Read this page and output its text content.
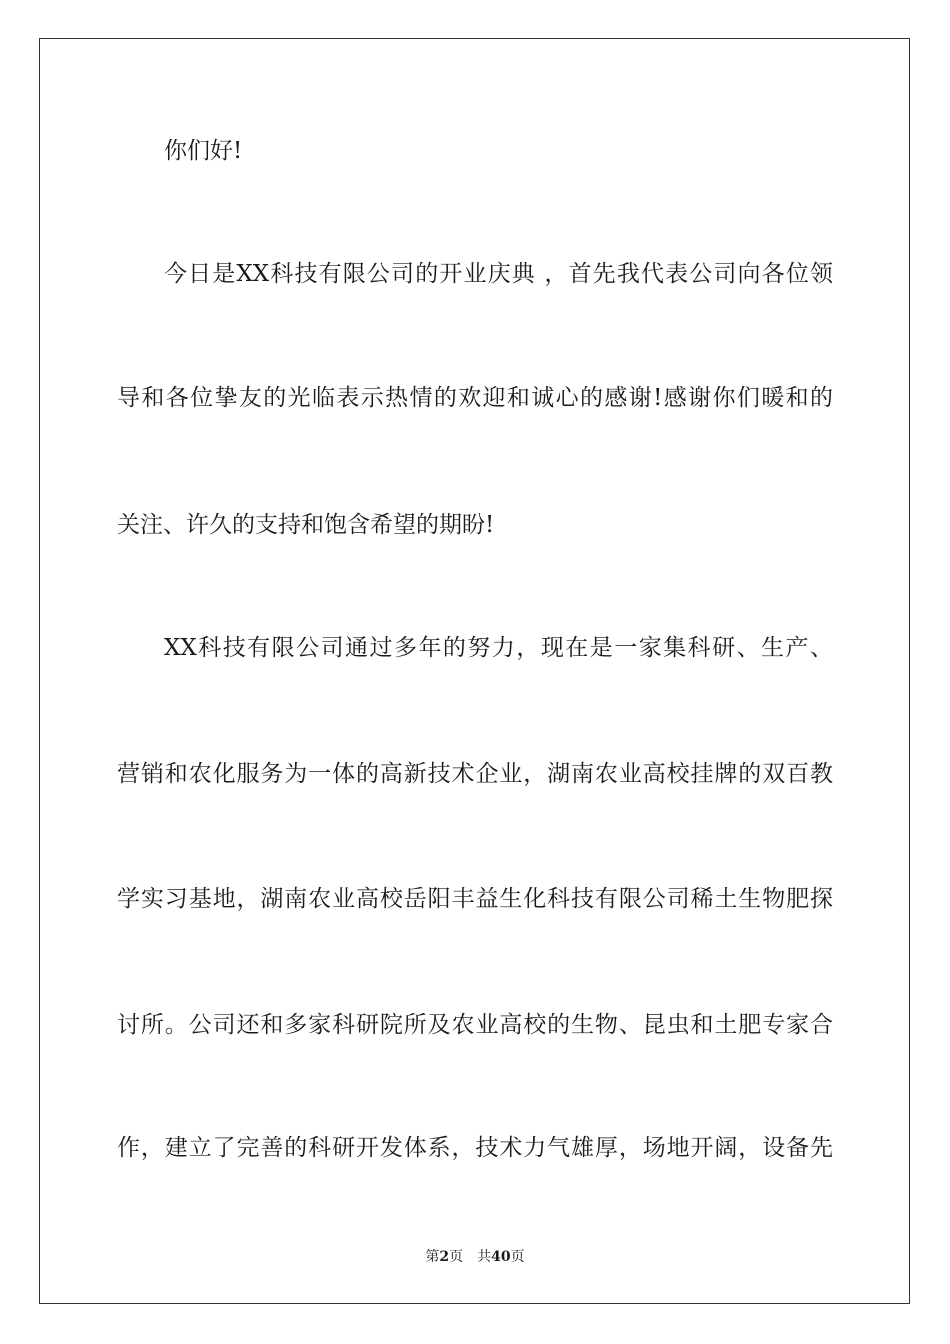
你们好!
今日是XX科技有限公司的开业庆典 ，首先我代表公司向各位领
导和各位挚友的光临表示热情的欢迎和诚心的感谢!感谢你们暖和的
关注、许久的支持和饱含希望的期盼!
XX科技有限公司通过多年的努力，现在是一家集科研、生产、
营销和农化服务为一体的高新技术企业，湖南农业高校挂牌的双百教
学实习基地，湖南农业高校岳阳丰益生化科技有限公司稀土生物肥探
讨所。公司还和多家科研院所及农业高校的生物、昆虫和土肥专家合
作，建立了完善的科研开发体系，技术力气雄厚，场地开阔，设备先
第2页 共40页
